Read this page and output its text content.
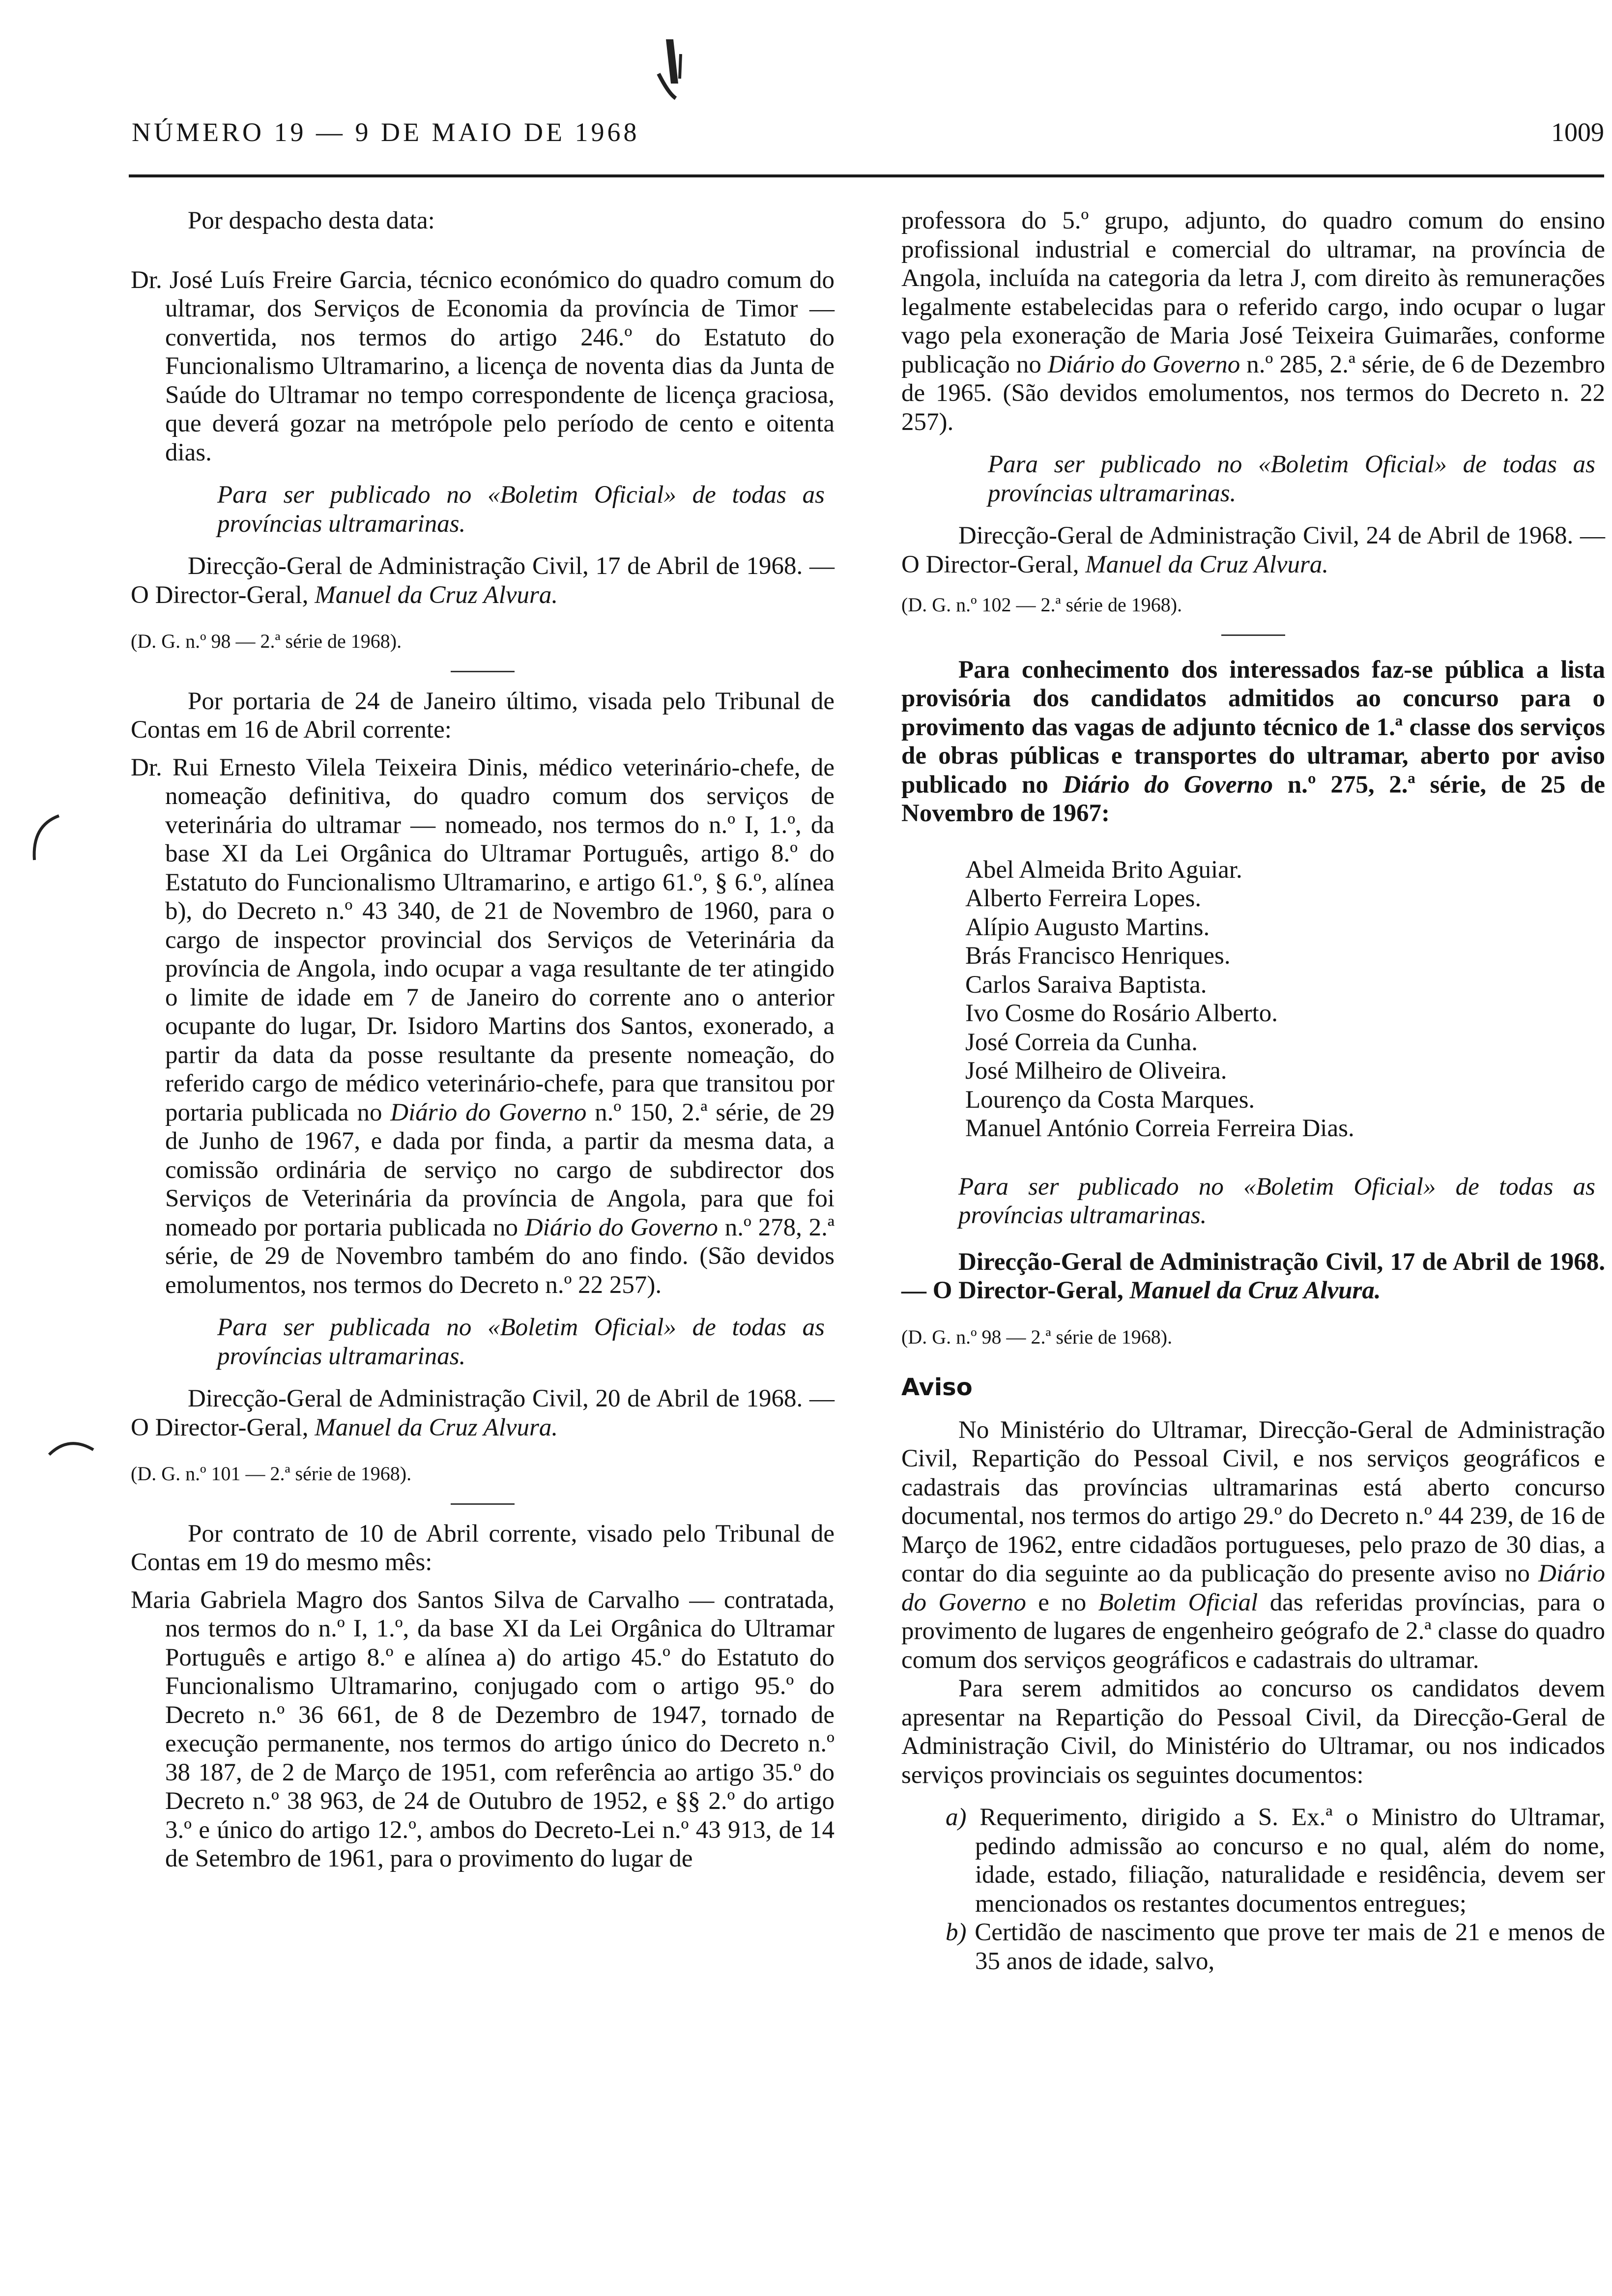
NÚMERO 19 — 9 DE MAIO DE 1968	1009

Por despacho desta data:

Dr. José Luís Freire Garcia, técnico económico do quadro comum do ultramar, dos Serviços de Economia da província de Timor — convertida, nos termos do artigo 246.º do Estatuto do Funcionalismo Ultramarino, a licença de noventa dias da Junta de Saúde do Ultramar no tempo correspondente de licença graciosa, que deverá gozar na metrópole pelo período de cento e oitenta dias.

Para ser publicado no «Boletim Oficial» de todas as províncias ultramarinas.

Direcção-Geral de Administração Civil, 17 de Abril de 1968. — O Director-Geral, Manuel da Cruz Alvura.

(D. G. n.º 98 — 2.ª série de 1968).

Por portaria de 24 de Janeiro último, visada pelo Tribunal de Contas em 16 de Abril corrente:

Dr. Rui Ernesto Vilela Teixeira Dinis, médico veterinário-chefe, de nomeação definitiva, do quadro comum dos serviços de veterinária do ultramar — nomeado, nos termos do n.º I, 1.º, da base XI da Lei Orgânica do Ultramar Português, artigo 8.º do Estatuto do Funcionalismo Ultramarino, e artigo 61.º, § 6.º, alínea b), do Decreto n.º 43 340, de 21 de Novembro de 1960, para o cargo de inspector provincial dos Serviços de Veterinária da província de Angola, indo ocupar a vaga resultante de ter atingido o limite de idade em 7 de Janeiro do corrente ano o anterior ocupante do lugar, Dr. Isidoro Martins dos Santos, exonerado, a partir da data da posse resultante da presente nomeação, do referido cargo de médico veterinário-chefe, para que transitou por portaria publicada no Diário do Governo n.º 150, 2.ª série, de 29 de Junho de 1967, e dada por finda, a partir da mesma data, a comissão ordinária de serviço no cargo de subdirector dos Serviços de Veterinária da província de Angola, para que foi nomeado por portaria publicada no Diário do Governo n.º 278, 2.ª série, de 29 de Novembro também do ano findo. (São devidos emolumentos, nos termos do Decreto n.º 22 257).

Para ser publicada no «Boletim Oficial» de todas as províncias ultramarinas.

Direcção-Geral de Administração Civil, 20 de Abril de 1968. — O Director-Geral, Manuel da Cruz Alvura.

(D. G. n.º 101 — 2.ª série de 1968).

Por contrato de 10 de Abril corrente, visado pelo Tribunal de Contas em 19 do mesmo mês:

Maria Gabriela Magro dos Santos Silva de Carvalho — contratada, nos termos do n.º I, 1.º, da base XI da Lei Orgânica do Ultramar Português e artigo 8.º e alínea a) do artigo 45.º do Estatuto do Funcionalismo Ultramarino, conjugado com o artigo 95.º do Decreto n.º 36 661, de 8 de Dezembro de 1947, tornado de execução permanente, nos termos do artigo único do Decreto n.º 38 187, de 2 de Março de 1951, com referência ao artigo 35.º do Decreto n.º 38 963, de 24 de Outubro de 1952, e §§ 2.º do artigo 3.º e único do artigo 12.º, ambos do Decreto-Lei n.º 43 913, de 14 de Setembro de 1961, para o provimento do lugar de

professora do 5.º grupo, adjunto, do quadro comum do ensino profissional industrial e comercial do ultramar, na província de Angola, incluída na categoria da letra J, com direito às remunerações legalmente estabelecidas para o referido cargo, indo ocupar o lugar vago pela exoneração de Maria José Teixeira Guimarães, conforme publicação no Diário do Governo n.º 285, 2.ª série, de 6 de Dezembro de 1965. (São devidos emolumentos, nos termos do Decreto n. 22 257).

Para ser publicado no «Boletim Oficial» de todas as províncias ultramarinas.

Direcção-Geral de Administração Civil, 24 de Abril de 1968. — O Director-Geral, Manuel da Cruz Alvura.

(D. G. n.º 102 — 2.ª série de 1968).

Para conhecimento dos interessados faz-se pública a lista provisória dos candidatos admitidos ao concurso para o provimento das vagas de adjunto técnico de 1.ª classe dos serviços de obras públicas e transportes do ultramar, aberto por aviso publicado no Diário do Governo n.º 275, 2.ª série, de 25 de Novembro de 1967:

Abel Almeida Brito Aguiar.

Alberto Ferreira Lopes.

Alípio Augusto Martins.

Brás Francisco Henriques.

Carlos Saraiva Baptista.

Ivo Cosme do Rosário Alberto.

José Correia da Cunha.

José Milheiro de Oliveira.

Lourenço da Costa Marques.

Manuel António Correia Ferreira Dias.

Para ser publicado no «Boletim Oficial» de todas as províncias ultramarinas.

Direcção-Geral de Administração Civil, 17 de Abril de 1968. — O Director-Geral, Manuel da Cruz Alvura.

(D. G. n.º 98 — 2.ª série de 1968).

Aviso

No Ministério do Ultramar, Direcção-Geral de Administração Civil, Repartição do Pessoal Civil, e nos serviços geográficos e cadastrais das províncias ultramarinas está aberto concurso documental, nos termos do artigo 29.º do Decreto n.º 44 239, de 16 de Março de 1962, entre cidadãos portugueses, pelo prazo de 30 dias, a contar do dia seguinte ao da publicação do presente aviso no Diário do Governo e no Boletim Oficial das referidas províncias, para o provimento de lugares de engenheiro geógrafo de 2.ª classe do quadro comum dos serviços geográficos e cadastrais do ultramar.

Para serem admitidos ao concurso os candidatos devem apresentar na Repartição do Pessoal Civil, da Direcção-Geral de Administração Civil, do Ministério do Ultramar, ou nos indicados serviços provinciais os seguintes documentos:

a) Requerimento, dirigido a S. Ex.ª o Ministro do Ultramar, pedindo admissão ao concurso e no qual, além do nome, idade, estado, filiação, naturalidade e residência, devem ser mencionados os restantes documentos entregues;

b) Certidão de nascimento que prove ter mais de 21 e menos de 35 anos de idade, salvo,
